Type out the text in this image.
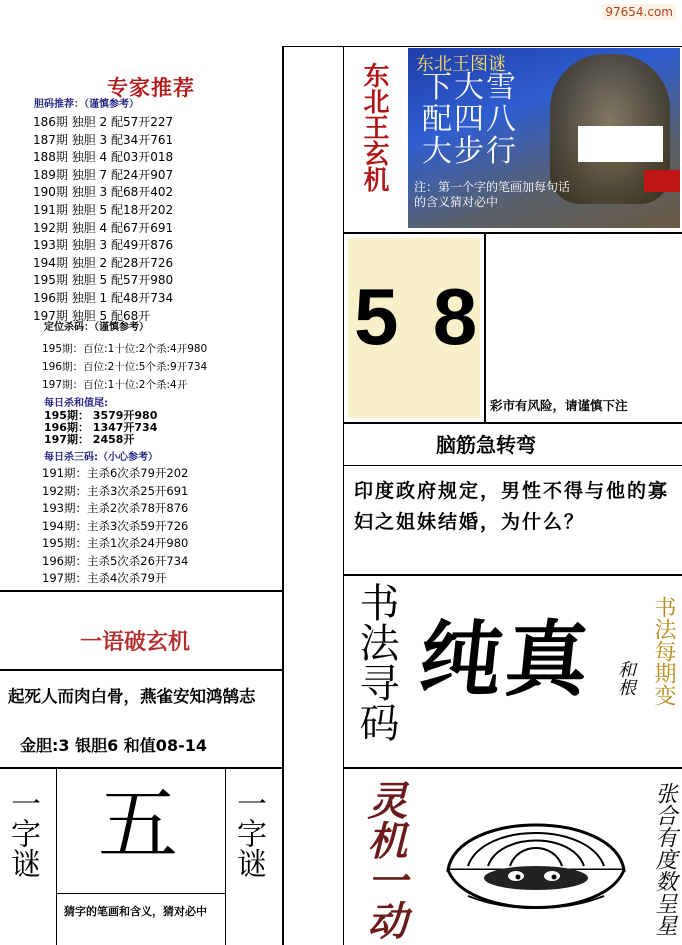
97654.com
专家推荐
胆码推荐：（谨慎参考）
186期 独胆 2 配57开227
187期 独胆 3 配34开761
188期 独胆 4 配03开018
189期 独胆 7 配24开907
190期 独胆 3 配68开402
191期 独胆 5 配18开202
192期 独胆 4 配67开691
193期 独胆 3 配49开876
194期 独胆 2 配28开726
195期 独胆 5 配57开980
196期 独胆 1 配48开734
197期 独胆 5 配68开
定位杀码：（谨慎参考）
195期：百位:1十位:2个杀:4开980
196期：百位:2十位:5个杀:9开734
197期：百位:1十位:2个杀:4开
每日杀和值尾:
195期： 3579开980
196期： 1347开734
197期： 2458开
每日杀三码:（小心参考）
191期：主杀6次杀79开202
192期：主杀3次杀25开691
193期：主杀2次杀78开876
194期：主杀3次杀59开726
195期：主杀1次杀24开980
196期：主杀5次杀26开734
197期：主杀4次杀79开
一语破玄机
起死人而肉白骨，燕雀安知鸿鹄志
金胆:3 银胆6 和值08-14
一字谜	一字谜
五
猜字的笔画和含义，猜对必中
东北王玄机 东北王图谜
下大雪
配四八
大步行
注：第一个字的笔画加每句话的含义猜对必中
5 8
彩市有风险，请谨慎下注
脑筋急转弯
印度政府规定，男性不得与他的寡妇之姐妹结婚，为什么？
书法寻码 纯真 和根 书法每期变
灵机一动	张合有度数呈星
